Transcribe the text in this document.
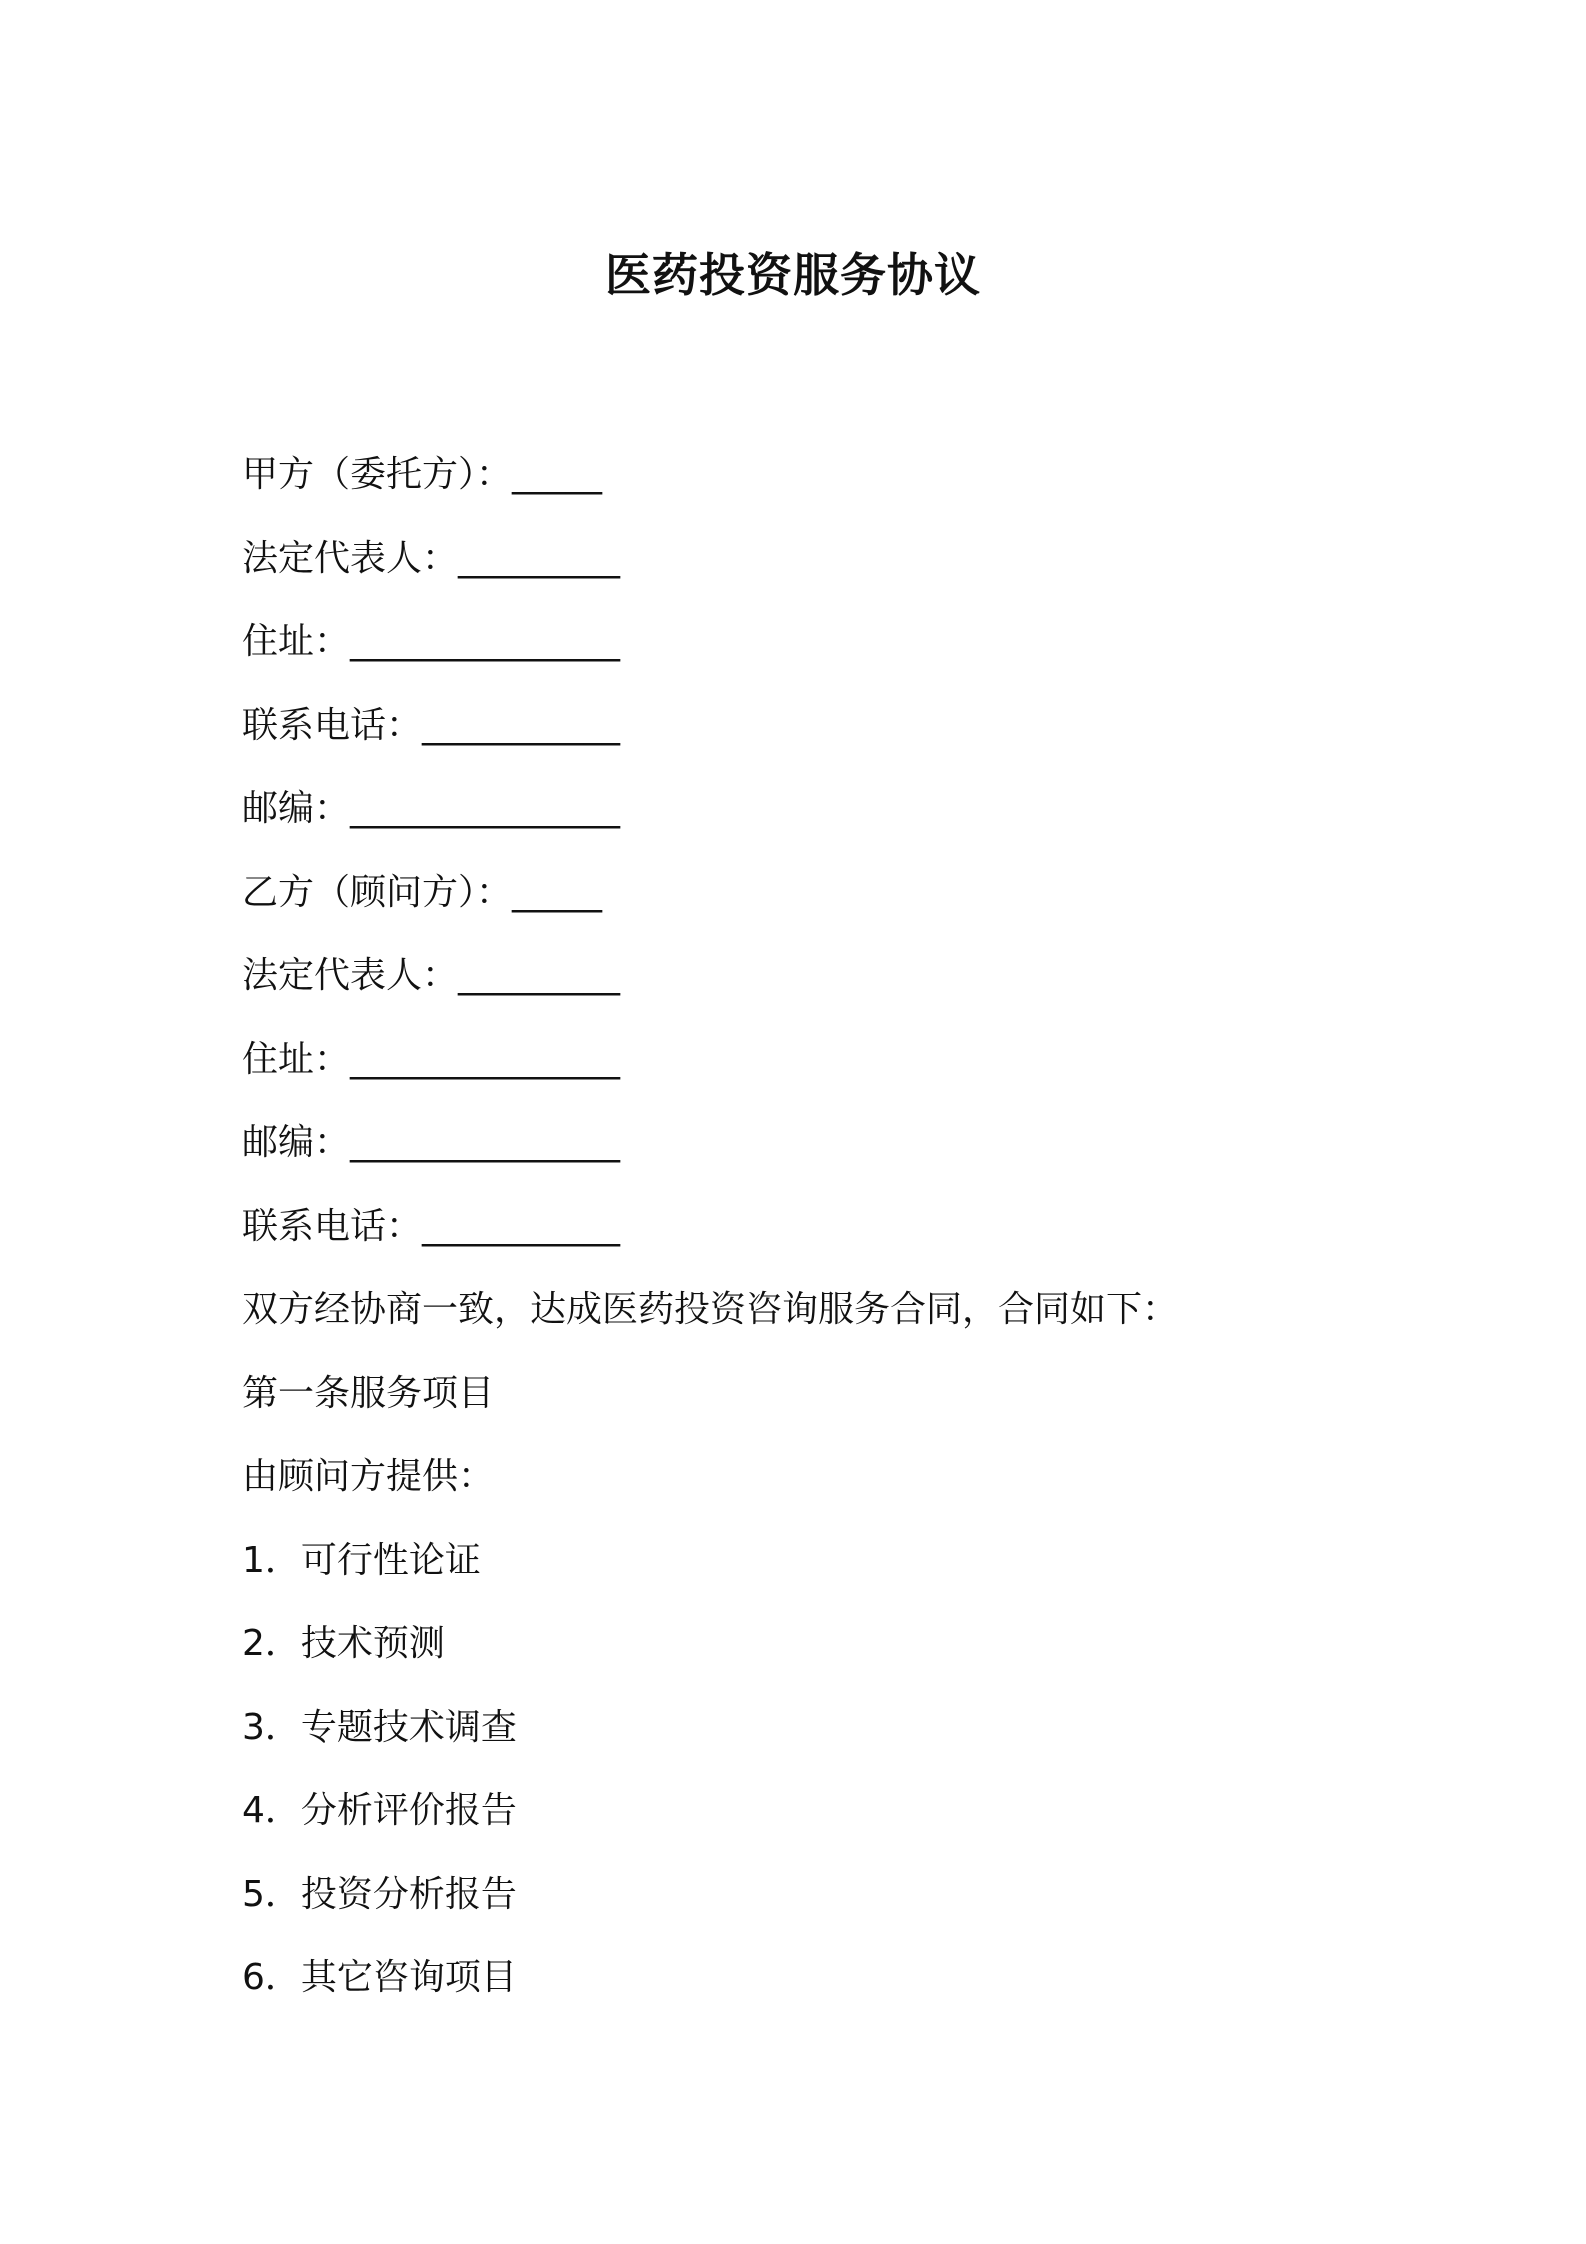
医药投资服务协议

甲方（委托方）：_____

法定代表人：_________

住址：_______________

联系电话：___________

邮编：_______________

乙方（顾问方）：_____

法定代表人：_________

住址：_______________

邮编：_______________

联系电话：___________

双方经协商一致，达成医药投资咨询服务合同，合同如下：

第一条服务项目

由顾问方提供：

1．可行性论证

2．技术预测

3．专题技术调查

4．分析评价报告

5．投资分析报告

6．其它咨询项目
